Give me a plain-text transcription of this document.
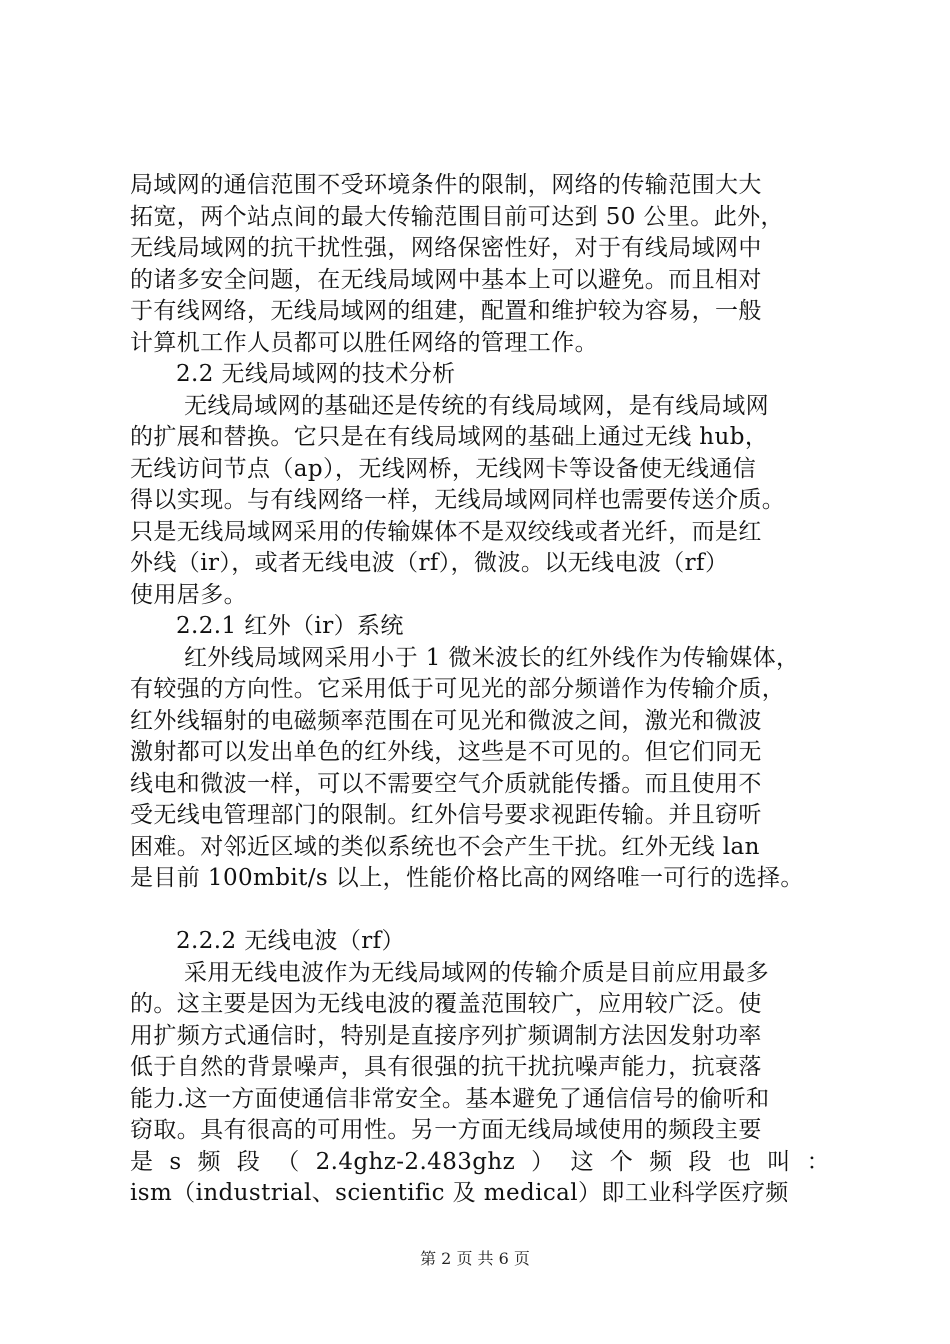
局域网的通信范围不受环境条件的限制，网络的传输范围大大
拓宽，两个站点间的最大传输范围目前可达到 50 公里。此外，
无线局域网的抗干扰性强，网络保密性好，对于有线局域网中
的诸多安全问题，在无线局域网中基本上可以避免。而且相对
于有线网络，无线局域网的组建，配置和维护较为容易，一般
计算机工作人员都可以胜任网络的管理工作。
2.2 无线局域网的技术分析
无线局域网的基础还是传统的有线局域网，是有线局域网
的扩展和替换。它只是在有线局域网的基础上通过无线 hub，
无线访问节点（ap），无线网桥，无线网卡等设备使无线通信
得以实现。与有线网络一样，无线局域网同样也需要传送介质。
只是无线局域网采用的传输媒体不是双绞线或者光纤，而是红
外线（ir），或者无线电波（rf），微波。以无线电波（rf）
使用居多。
2.2.1 红外（ir）系统
红外线局域网采用小于 1 微米波长的红外线作为传输媒体，
有较强的方向性。它采用低于可见光的部分频谱作为传输介质，
红外线辐射的电磁频率范围在可见光和微波之间，激光和微波
激射都可以发出单色的红外线，这些是不可见的。但它们同无
线电和微波一样，可以不需要空气介质就能传播。而且使用不
受无线电管理部门的限制。红外信号要求视距传输。并且窃听
困难。对邻近区域的类似系统也不会产生干扰。红外无线 lan
是目前 100mbit/s 以上，性能价格比高的网络唯一可行的选择。
2.2.2 无线电波（rf）
采用无线电波作为无线局域网的传输介质是目前应用最多
的。这主要是因为无线电波的覆盖范围较广，应用较广泛。使
用扩频方式通信时，特别是直接序列扩频调制方法因发射功率
低于自然的背景噪声，具有很强的抗干扰抗噪声能力，抗衰落
能力.这一方面使通信非常安全。基本避免了通信信号的偷听和
窃取。具有很高的可用性。另一方面无线局域使用的频段主要
是 s 频 段 （ 2.4ghz-2.483ghz ） 这 个 频 段 也 叫 ：
ism（industrial、scientific 及 medical）即工业科学医疗频
第 2 页 共 6 页
